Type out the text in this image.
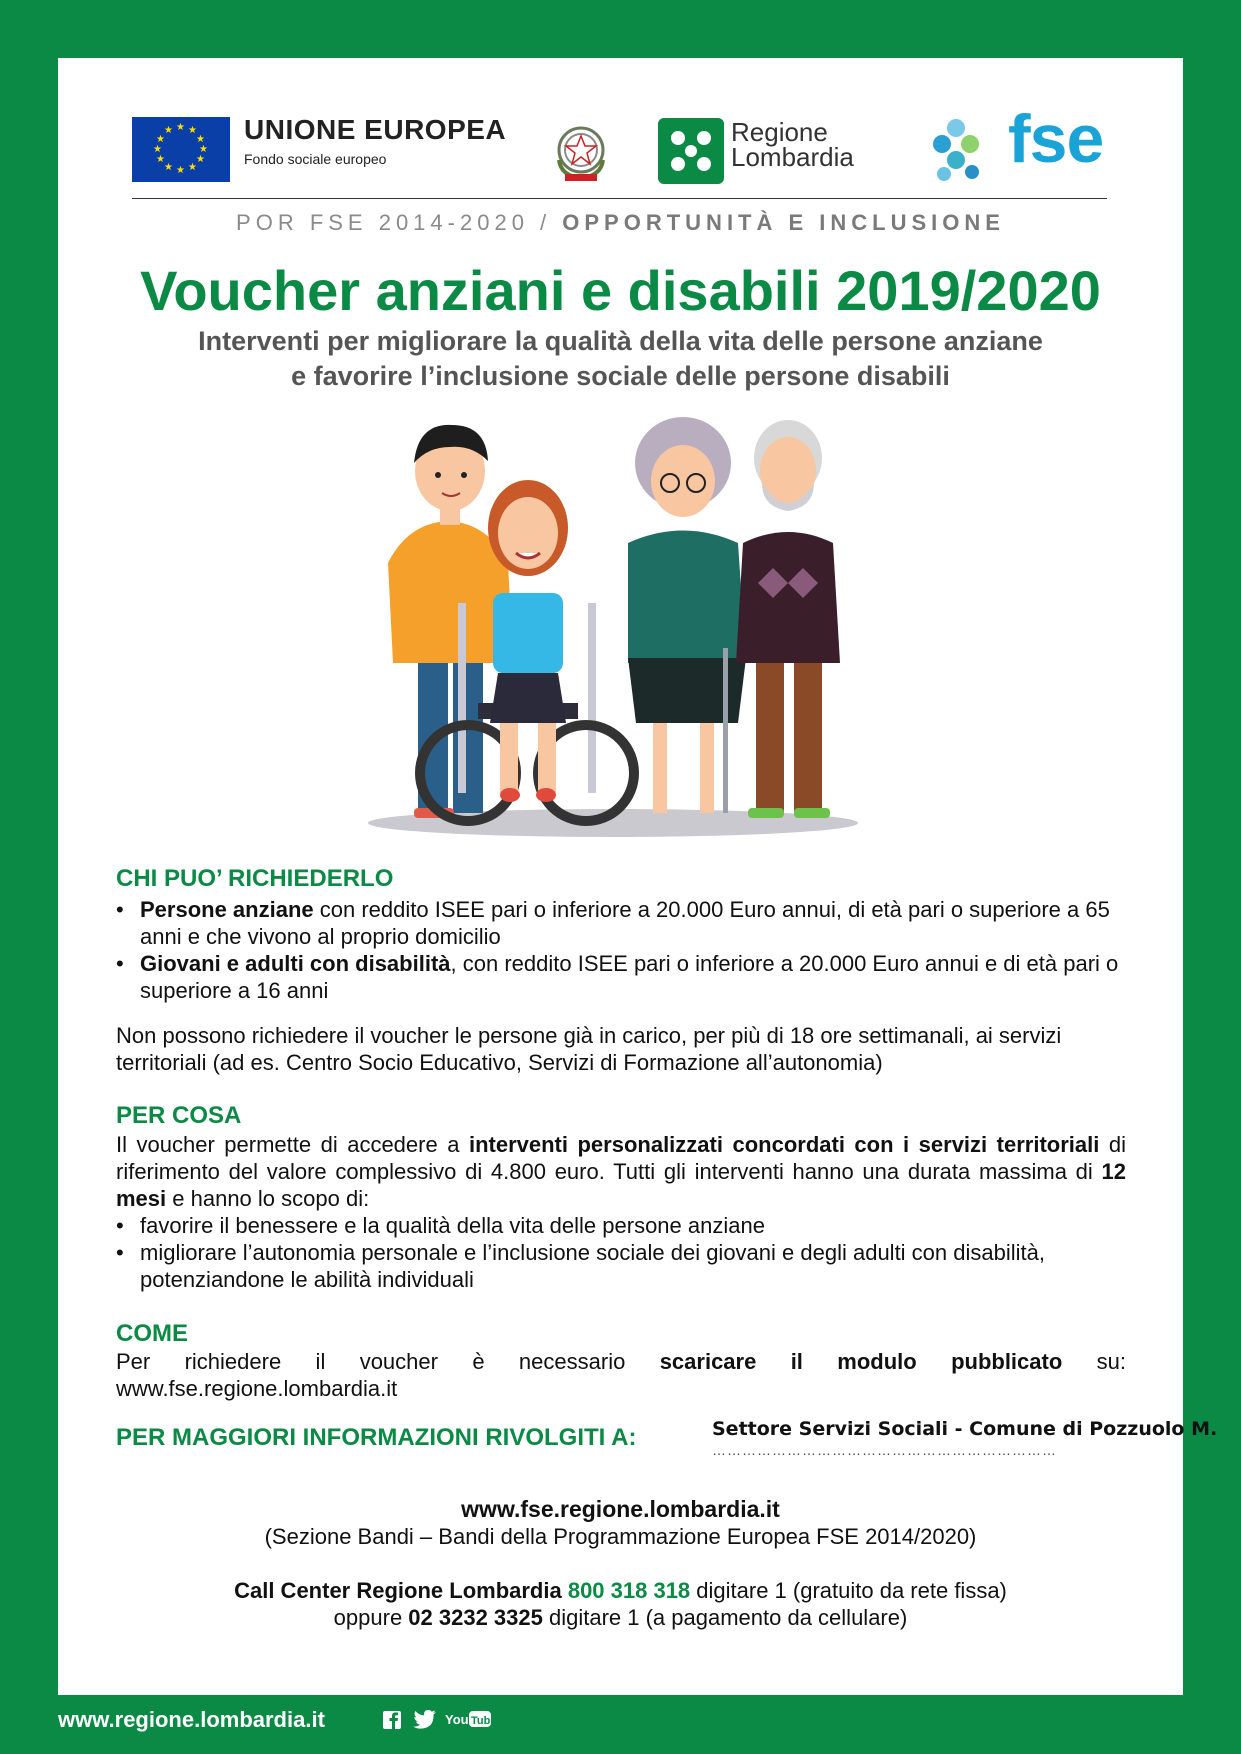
★ ★
★
★
★
★
★
★
★
★
★
★	UNIONE EUROPEA
Fondo sociale europeo
Regione
Lombardia fse
POR FSE 2014-2020 / OPPORTUNITÀ E INCLUSIONE
Voucher anziani e disabili 2019/2020
Interventi per migliorare la qualità della vita delle persone anziane
e favorire l’inclusione sociale delle persone disabili
CHI PUO’ RICHIEDERLO
• Persone anziane con reddito ISEE pari o inferiore a 20.000 Euro annui, di età pari o superiore a 65 anni e che vivono al proprio domicilio
• Giovani e adulti con disabilità, con reddito ISEE pari o inferiore a 20.000 Euro annui e di età pari o superiore a 16 anni
Non possono richiedere il voucher le persone già in carico, per più di 18 ore settimanali, ai servizi territoriali (ad es. Centro Socio Educativo, Servizi di Formazione all’autonomia)
PER COSA
Il voucher permette di accedere a interventi personalizzati concordati con i servizi territoriali di riferimento del valore complessivo di 4.800 euro. Tutti gli interventi hanno una durata massima di 12 mesi e hanno lo scopo di:
• favorire il benessere e la qualità della vita delle persone anziane
• migliorare l’autonomia personale e l’inclusione sociale dei giovani e degli adulti con disabilità, potenziandone le abilità individuali
COME
Per richiedere il voucher è necessario scaricare il modulo pubblicato su: www.fse.regione.lombardia.it
PER MAGGIORI INFORMAZIONI RIVOLGITI A:	Settore Servizi Sociali - Comune di Pozzuolo M.
……………………………………………………………
www.fse.regione.lombardia.it
(Sezione Bandi – Bandi della Programmazione Europea FSE 2014/2020)
Call Center Regione Lombardia 800 318 318 digitare 1 (gratuito da rete fissa)
oppure 02 3232 3325 digitare 1 (a pagamento da cellulare)
www.regione.lombardia.it	You Tube
